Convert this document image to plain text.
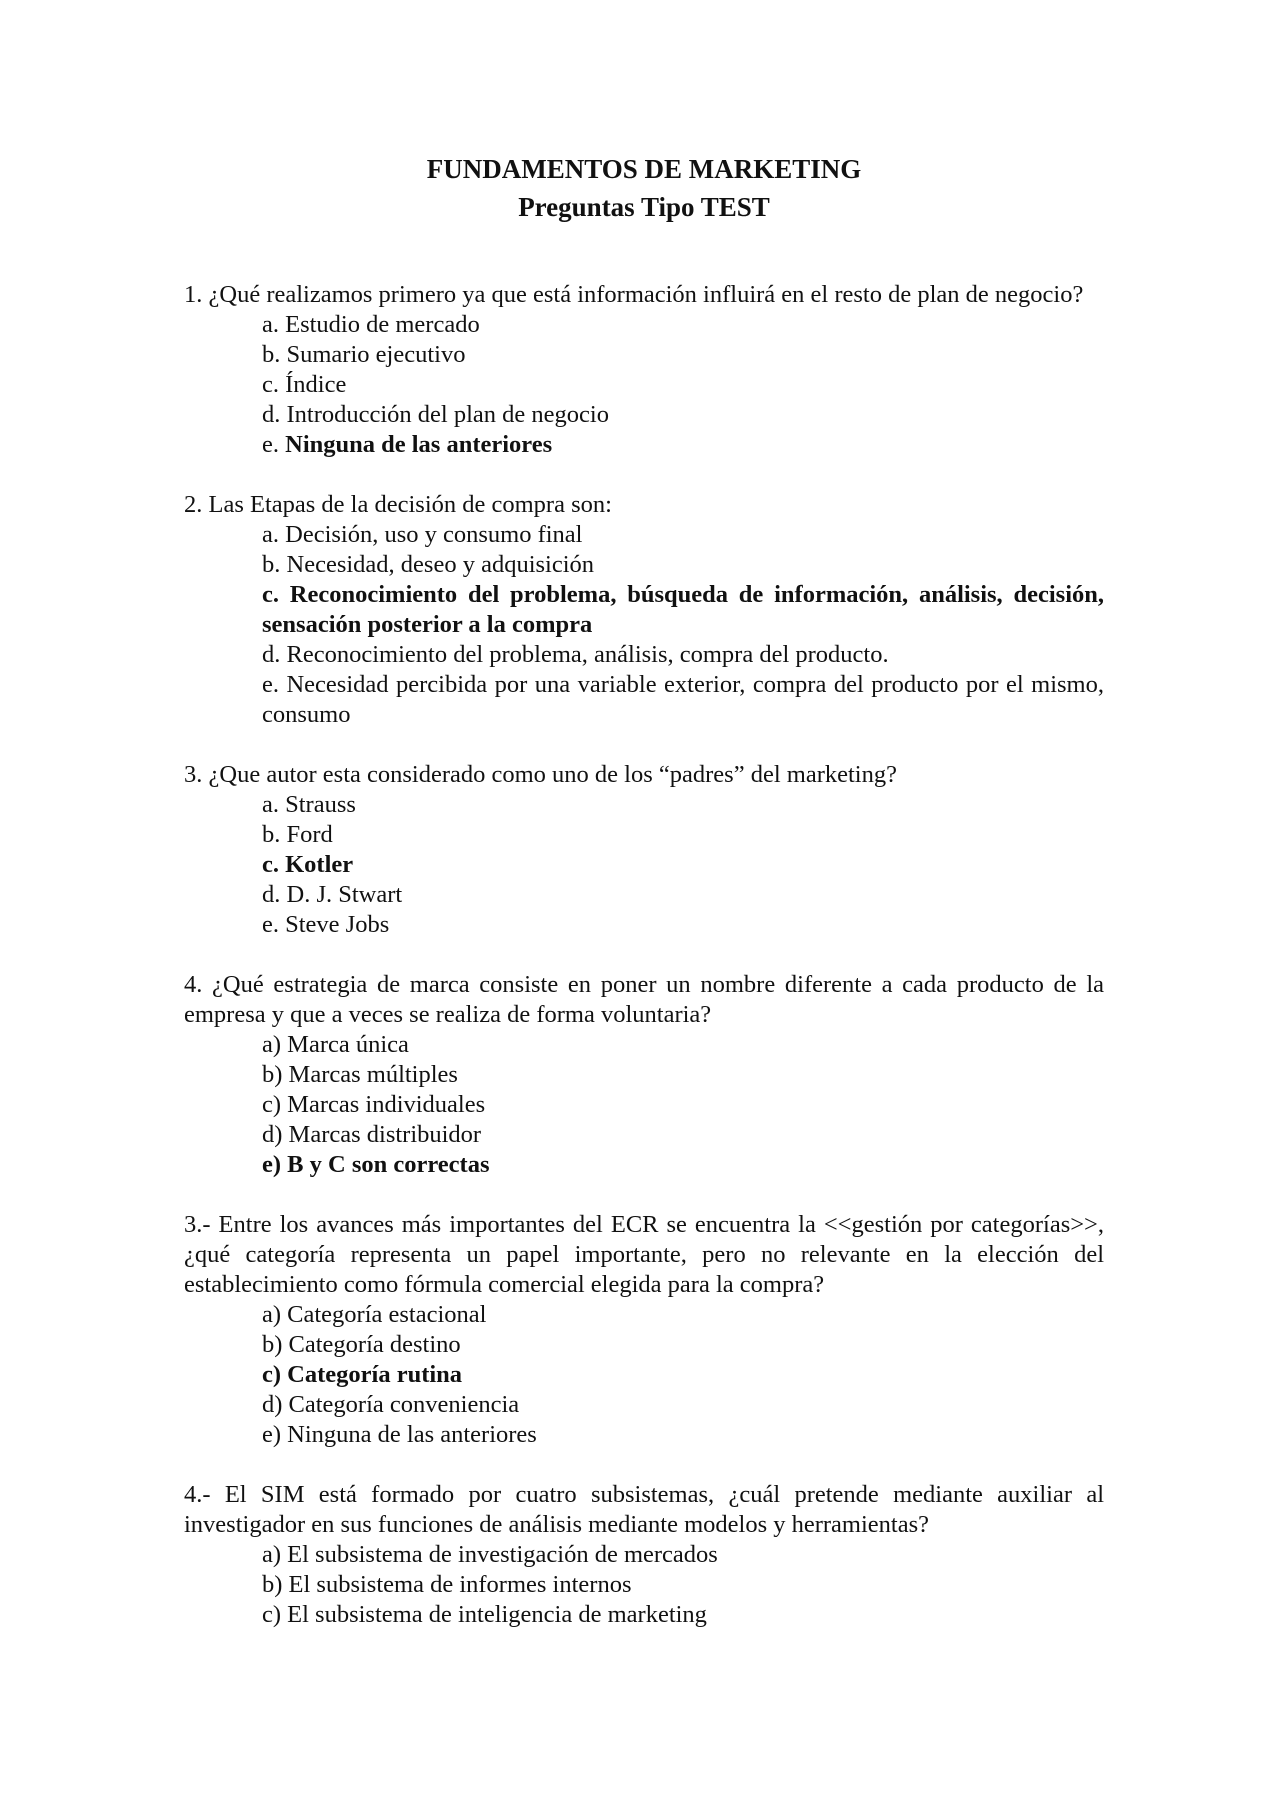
FUNDAMENTOS DE MARKETING

Preguntas Tipo TEST

1. ¿Qué realizamos primero ya que está información influirá en el resto de plan de negocio?

a. Estudio de mercado

b. Sumario ejecutivo

c. Índice

d. Introducción del plan de negocio

e. Ninguna de las anteriores

2. Las Etapas de la decisión de compra son:

a. Decisión, uso y consumo final

b. Necesidad, deseo y adquisición

c. Reconocimiento del problema, búsqueda de información, análisis, decisión, sensación posterior a la compra

d. Reconocimiento del problema, análisis, compra del producto.

e. Necesidad percibida por una variable exterior, compra del producto por el mismo, consumo

3. ¿Que autor esta considerado como uno de los “padres” del marketing?

a. Strauss

b. Ford

c. Kotler

d. D. J. Stwart

e. Steve Jobs

4. ¿Qué estrategia de marca consiste en poner un nombre diferente a cada producto de la empresa y que a veces se realiza de forma voluntaria?

a) Marca única

b) Marcas múltiples

c) Marcas individuales

d) Marcas distribuidor

e) B y C son correctas

3.- Entre los avances más importantes del ECR se encuentra la <<gestión por categorías>>, ¿qué categoría representa un papel importante, pero no relevante en la elección del establecimiento como fórmula comercial elegida para la compra?

a) Categoría estacional

b) Categoría destino

c) Categoría rutina

d) Categoría conveniencia

e) Ninguna de las anteriores

4.- El SIM está formado por cuatro subsistemas, ¿cuál pretende mediante auxiliar al investigador en sus funciones de análisis mediante modelos y herramientas?

a) El subsistema de investigación de mercados

b) El subsistema de informes internos

c) El subsistema de inteligencia de marketing
